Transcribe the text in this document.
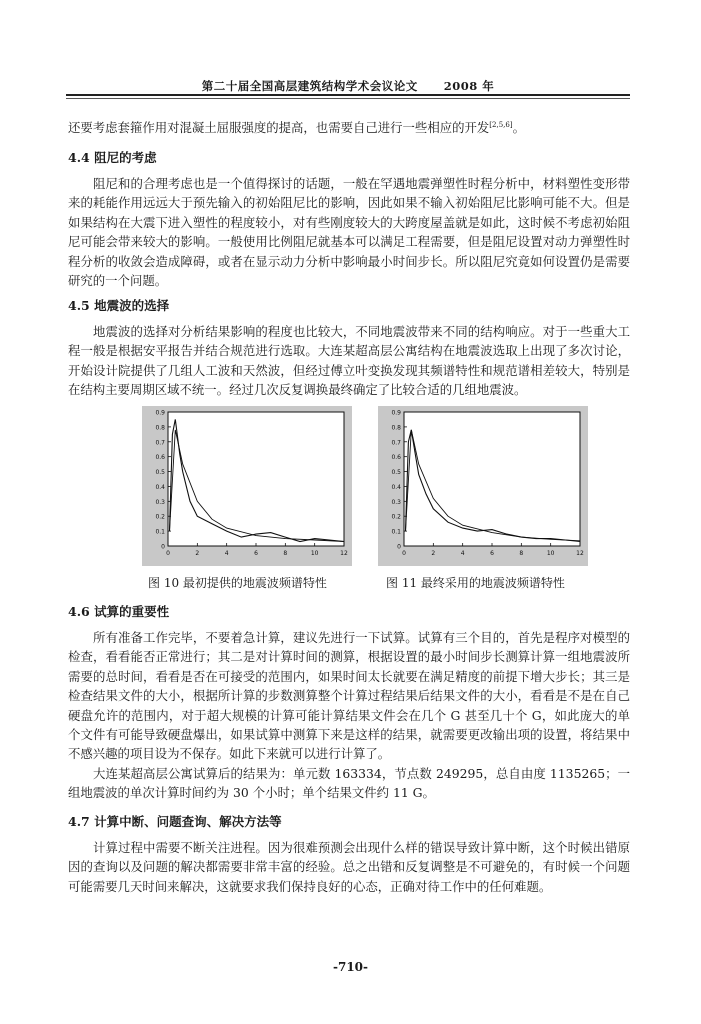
第二十届全国高层建筑结构学术会议论文 2008 年

还要考虑套箍作用对混凝土屈服强度的提高，也需要自己进行一些相应的开发[2,5,6]。

4.4 阻尼的考虑

阻尼和的合理考虑也是一个值得探讨的话题，一般在罕遇地震弹塑性时程分析中，材料塑性变形带来的耗能作用远远大于预先输入的初始阻尼比的影响，因此如果不输入初始阻尼比影响可能不大。但是如果结构在大震下进入塑性的程度较小，对有些刚度较大的大跨度屋盖就是如此，这时候不考虑初始阻尼可能会带来较大的影响。一般使用比例阻尼就基本可以满足工程需要，但是阻尼设置对动力弹塑性时程分析的收敛会造成障碍，或者在显示动力分析中影响最小时间步长。所以阻尼究竟如何设置仍是需要研究的一个问题。

4.5 地震波的选择

地震波的选择对分析结果影响的程度也比较大，不同地震波带来不同的结构响应。对于一些重大工程一般是根据安平报告并结合规范进行选取。大连某超高层公寓结构在地震波选取上出现了多次讨论，开始设计院提供了几组人工波和天然波，但经过傅立叶变换发现其频谱特性和规范谱相差较大，特别是在结构主要周期区域不统一。经过几次反复调换最终确定了比较合适的几组地震波。

0
0.1
0.2
0.3
0.4
0.5
0.6
0.7
0.8
0.9
0	2	4	6	8	10	12
0
0.1
0.2
0.3
0.4
0.5
0.6
0.7
0.8
0.9
0	2	4	6	8	10	12
图 10 最初提供的地震波频谱特性	图 11 最终采用的地震波频谱特性

4.6 试算的重要性

所有准备工作完毕，不要着急计算，建议先进行一下试算。试算有三个目的，首先是程序对模型的检查，看看能否正常进行；其二是对计算时间的测算，根据设置的最小时间步长测算计算一组地震波所需要的总时间，看看是否在可接受的范围内，如果时间太长就要在满足精度的前提下增大步长；其三是检查结果文件的大小，根据所计算的步数测算整个计算过程结果后结果文件的大小，看看是不是在自己硬盘允许的范围内，对于超大规模的计算可能计算结果文件会在几个 G 甚至几十个 G，如此庞大的单个文件有可能导致硬盘爆出，如果试算中测算下来是这样的结果，就需要更改输出项的设置，将结果中不感兴趣的项目设为不保存。如此下来就可以进行计算了。

大连某超高层公寓试算后的结果为：单元数 163334，节点数 249295，总自由度 1135265；一组地震波的单次计算时间约为 30 个小时；单个结果文件约 11 G。

4.7 计算中断、问题查询、解决方法等

计算过程中需要不断关注进程。因为很难预测会出现什么样的错误导致计算中断，这个时候出错原因的查询以及问题的解决都需要非常丰富的经验。总之出错和反复调整是不可避免的，有时候一个问题可能需要几天时间来解决，这就要求我们保持良好的心态，正确对待工作中的任何难题。

-710-
